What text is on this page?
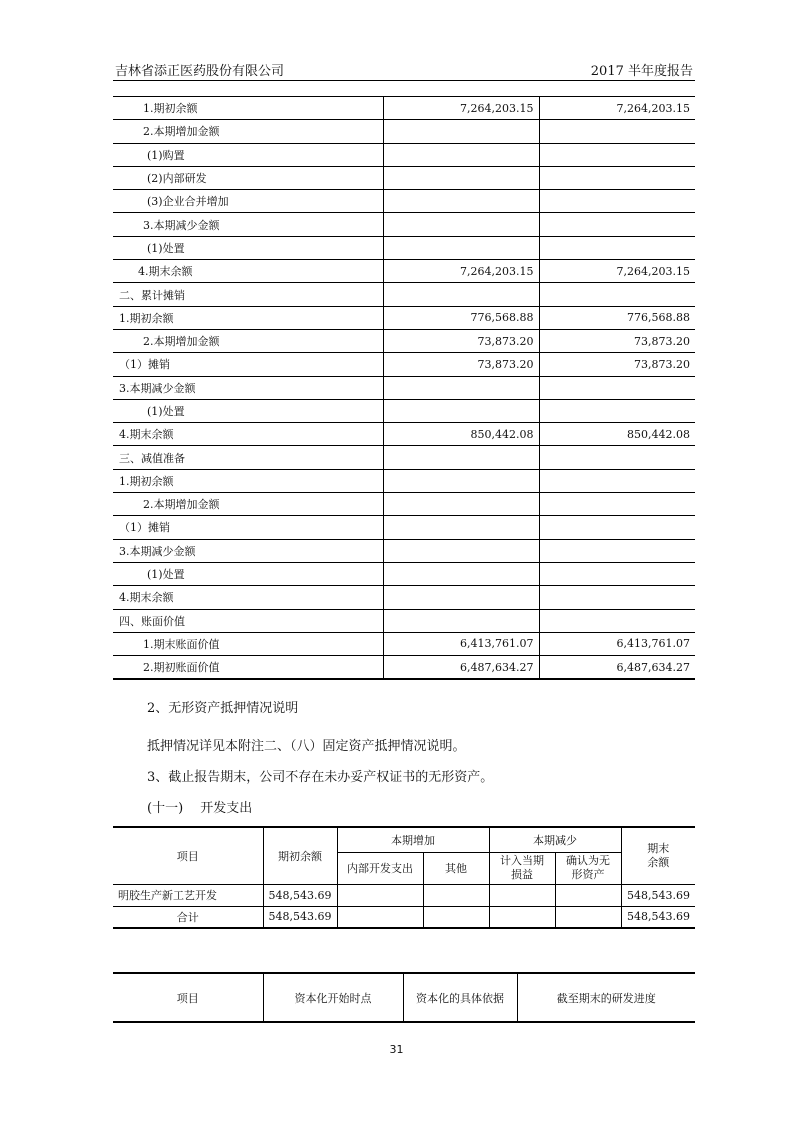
吉林省添正医药股份有限公司	2017 半年度报告
1.期初余额	7,264,203.15	7,264,203.15
2.本期增加金额		
(1)购置		
(2)内部研发		
(3)企业合并增加		
3.本期减少金额		
(1)处置		
4.期末余额	7,264,203.15	7,264,203.15
二、累计摊销		
1.期初余额	776,568.88	776,568.88
2.本期增加金额	73,873.20	73,873.20
（1）摊销	73,873.20	73,873.20
3.本期减少金额		
(1)处置		
4.期末余额	850,442.08	850,442.08
三、减值准备		
1.期初余额		
2.本期增加金额		
（1）摊销		
3.本期减少金额		
(1)处置		
4.期末余额		
四、账面价值		
1.期末账面价值	6,413,761.07	6,413,761.07
2.期初账面价值	6,487,634.27	6,487,634.27
2、无形资产抵押情况说明
抵押情况详见本附注二、（八）固定资产抵押情况说明。
3、截止报告期末，公司不存在未办妥产权证书的无形资产。
(十一)　 开发支出
项目	期初余额	本期增加		本期减少		期末余额
		内部开发支出	其他	计入当期损益	确认为无形资产	
明胶生产新工艺开发	548,543.69					548,543.69
合计	548,543.69					548,543.69
项目	资本化开始时点	资本化的具体依据	截至期末的研发进度
31
